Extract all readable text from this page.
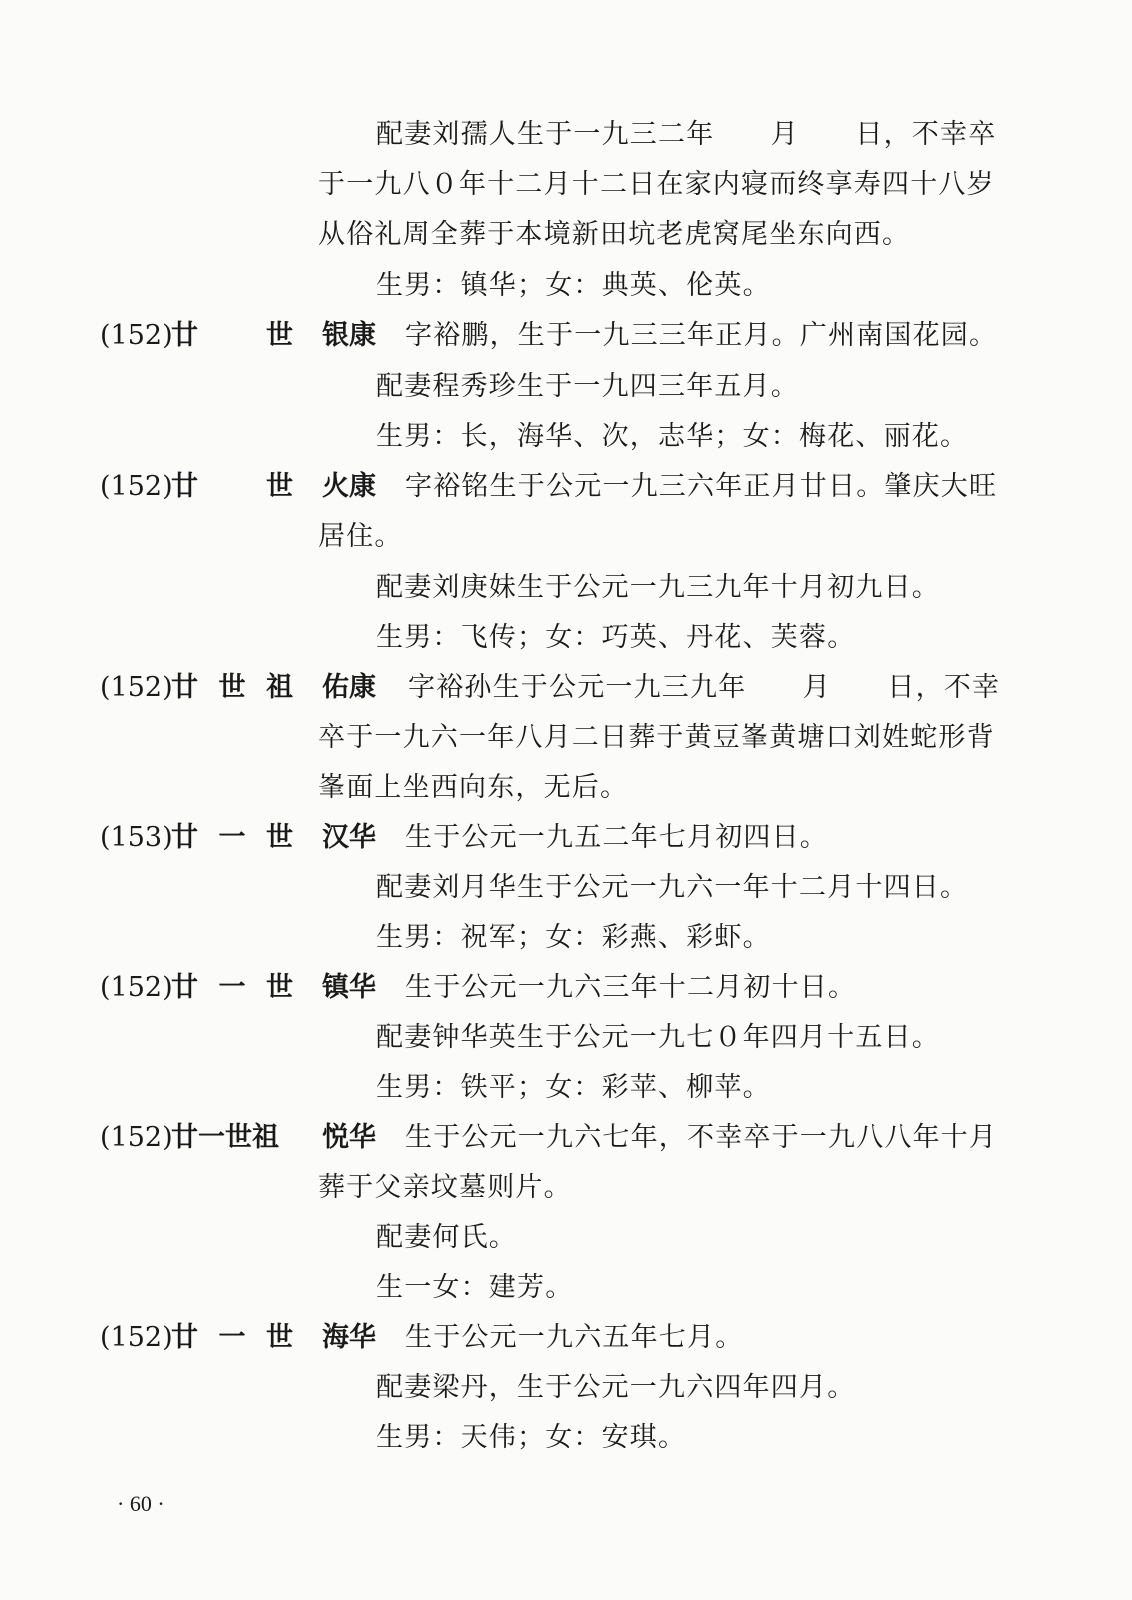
配妻刘孺人生于一九三二年　　月　　日，不幸卒
于一九八０年十二月十二日在家内寝而终享寿四十八岁
从俗礼周全葬于本境新田坑老虎窝尾坐东向西。
生男：镇华；女：典英、伦英。
(152)
廿	世 银康 字裕鹏，生于一九三三年正月。广州南国花园。
配妻程秀珍生于一九四三年五月。
生男：长，海华、次，志华；女：梅花、丽花。
(152)
廿	世 火康 字裕铭生于公元一九三六年正月廿日。肇庆大旺
居住。
配妻刘庚妹生于公元一九三九年十月初九日。
生男：飞传；女：巧英、丹花、芙蓉。
(152)
廿 世 祖 佑康 字裕孙生于公元一九三九年　　月　　日，不幸
卒于一九六一年八月二日葬于黄豆峯黄塘口刘姓蛇形背
峯面上坐西向东，无后。
(153)
廿 一 世 汉华 生于公元一九五二年七月初四日。
配妻刘月华生于公元一九六一年十二月十四日。
生男：祝军；女：彩燕、彩虾。
(152)
廿 一 世 镇华 生于公元一九六三年十二月初十日。
配妻钟华英生于公元一九七０年四月十五日。
生男：铁平；女：彩苹、柳苹。
(152)
廿一世祖 悦华 生于公元一九六七年，不幸卒于一九八八年十月
葬于父亲坟墓则片。
配妻何氏。
生一女：建芳。
(152)
廿 一 世 海华 生于公元一九六五年七月。
配妻梁丹，生于公元一九六四年四月。
生男：天伟；女：安琪。
· 60 ·
